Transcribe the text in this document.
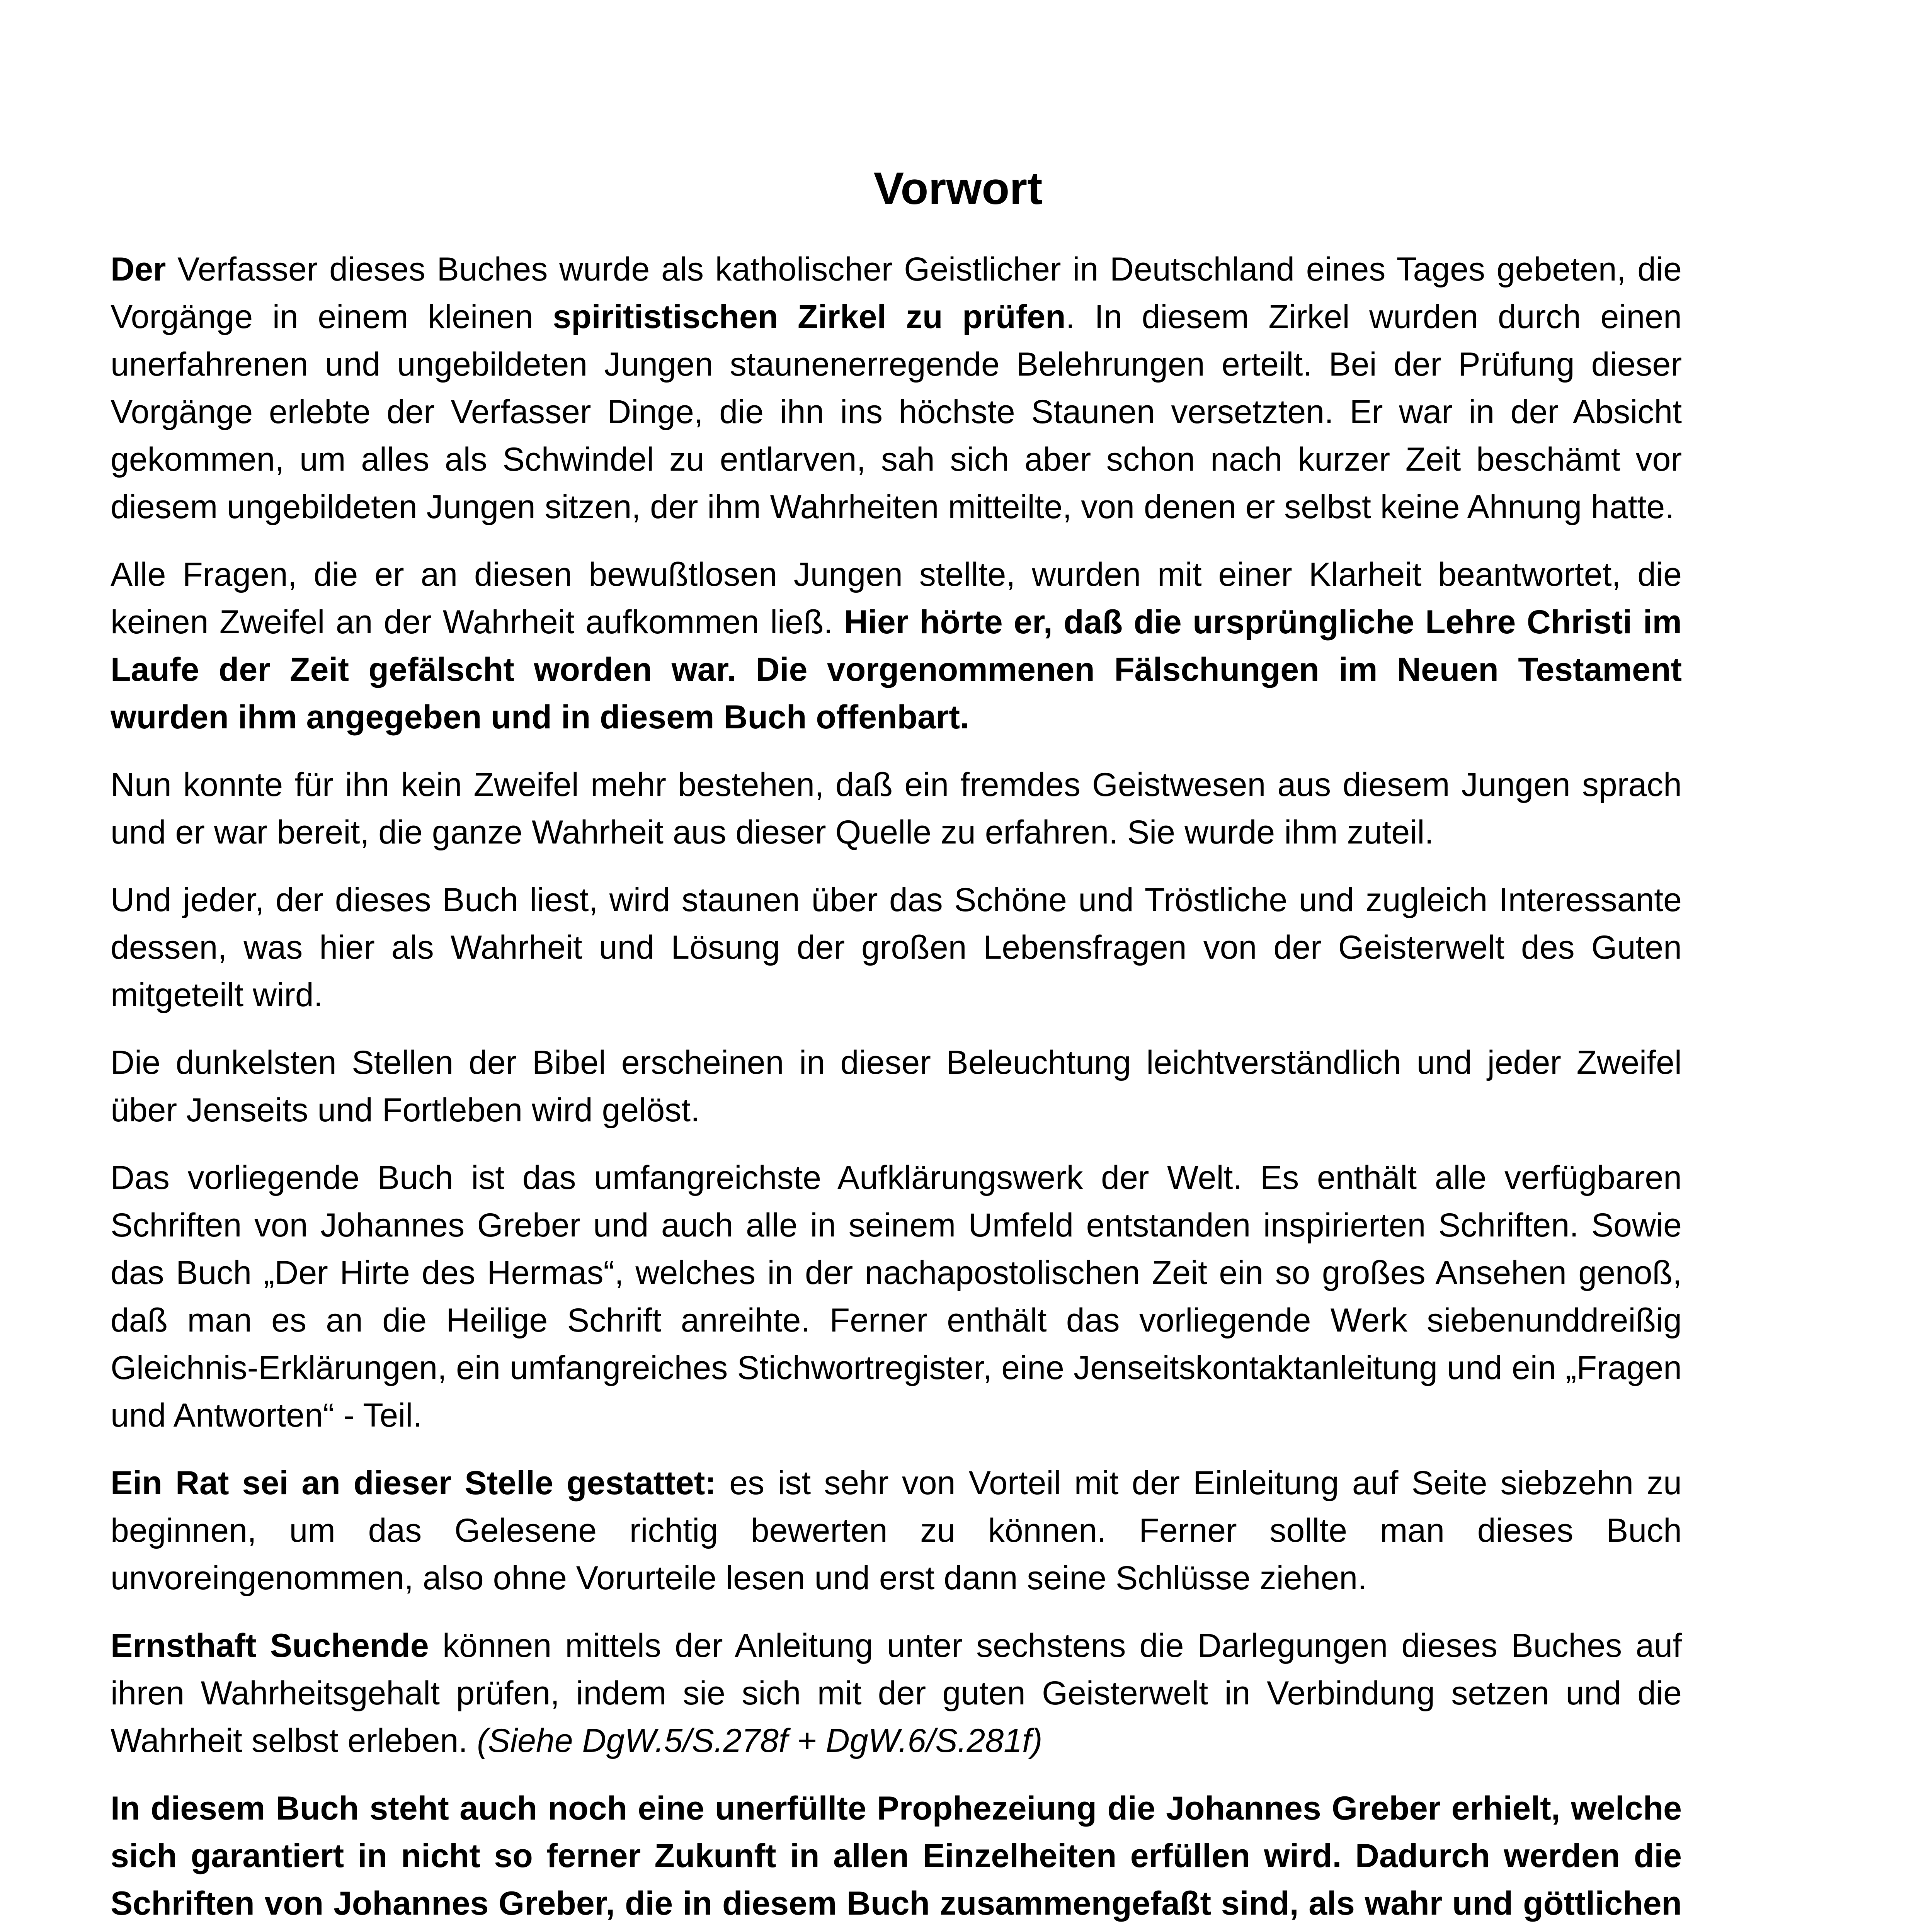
Vorwort

Der Verfasser dieses Buches wurde als katholischer Geistlicher in Deutschland eines Tages gebeten, die Vorgänge in einem kleinen spiritistischen Zirkel zu prüfen. In diesem Zirkel wurden durch einen unerfahrenen und ungebildeten Jungen staunenerregende Belehrungen erteilt. Bei der Prüfung dieser Vorgänge erlebte der Verfasser Dinge, die ihn ins höchste Staunen versetzten. Er war in der Absicht gekommen, um alles als Schwindel zu entlarven, sah sich aber schon nach kurzer Zeit beschämt vor diesem ungebildeten Jungen sitzen, der ihm Wahrheiten mitteilte, von denen er selbst keine Ahnung hatte.

Alle Fragen, die er an diesen bewußtlosen Jungen stellte, wurden mit einer Klarheit beantwortet, die keinen Zweifel an der Wahrheit aufkommen ließ. Hier hörte er, daß die ursprüngliche Lehre Christi im Laufe der Zeit gefälscht worden war. Die vorgenommenen Fälschungen im Neuen Testament wurden ihm angegeben und in diesem Buch offenbart.

Nun konnte für ihn kein Zweifel mehr bestehen, daß ein fremdes Geistwesen aus diesem Jungen sprach und er war bereit, die ganze Wahrheit aus dieser Quelle zu erfahren. Sie wurde ihm zuteil.

Und jeder, der dieses Buch liest, wird staunen über das Schöne und Tröstliche und zugleich Interessante dessen, was hier als Wahrheit und Lösung der großen Lebensfragen von der Geisterwelt des Guten mitgeteilt wird.

Die dunkelsten Stellen der Bibel erscheinen in dieser Beleuchtung leichtverständlich und jeder Zweifel über Jenseits und Fortleben wird gelöst.

Das vorliegende Buch ist das umfangreichste Aufklärungswerk der Welt. Es enthält alle verfügbaren Schriften von Johannes Greber und auch alle in seinem Umfeld entstanden inspirierten Schriften. Sowie das Buch „Der Hirte des Hermas“, welches in der nachapostolischen Zeit ein so großes Ansehen genoß, daß man es an die Heilige Schrift anreihte. Ferner enthält das vorliegende Werk siebenunddreißig Gleichnis-Erklärungen, ein umfangreiches Stichwortregister, eine Jenseitskontaktanleitung und ein „Fragen und Antworten“ - Teil.

Ein Rat sei an dieser Stelle gestattet: es ist sehr von Vorteil mit der Einleitung auf Seite siebzehn zu beginnen, um das Gelesene richtig bewerten zu können. Ferner sollte man dieses Buch unvoreingenommen, also ohne Vorurteile lesen und erst dann seine Schlüsse ziehen.

Ernsthaft Suchende können mittels der Anleitung unter sechstens die Darlegungen dieses Buches auf ihren Wahrheitsgehalt prüfen, indem sie sich mit der guten Geisterwelt in Verbindung setzen und die Wahrheit selbst erleben. (Siehe DgW.5/S.278f + DgW.6/S.281f)

In diesem Buch steht auch noch eine unerfüllte Prophezeiung die Johannes Greber erhielt, welche sich garantiert in nicht so ferner Zukunft in allen Einzelheiten erfüllen wird. Dadurch werden die Schriften von Johannes Greber, die in diesem Buch zusammengefaßt sind, als wahr und göttlichen
